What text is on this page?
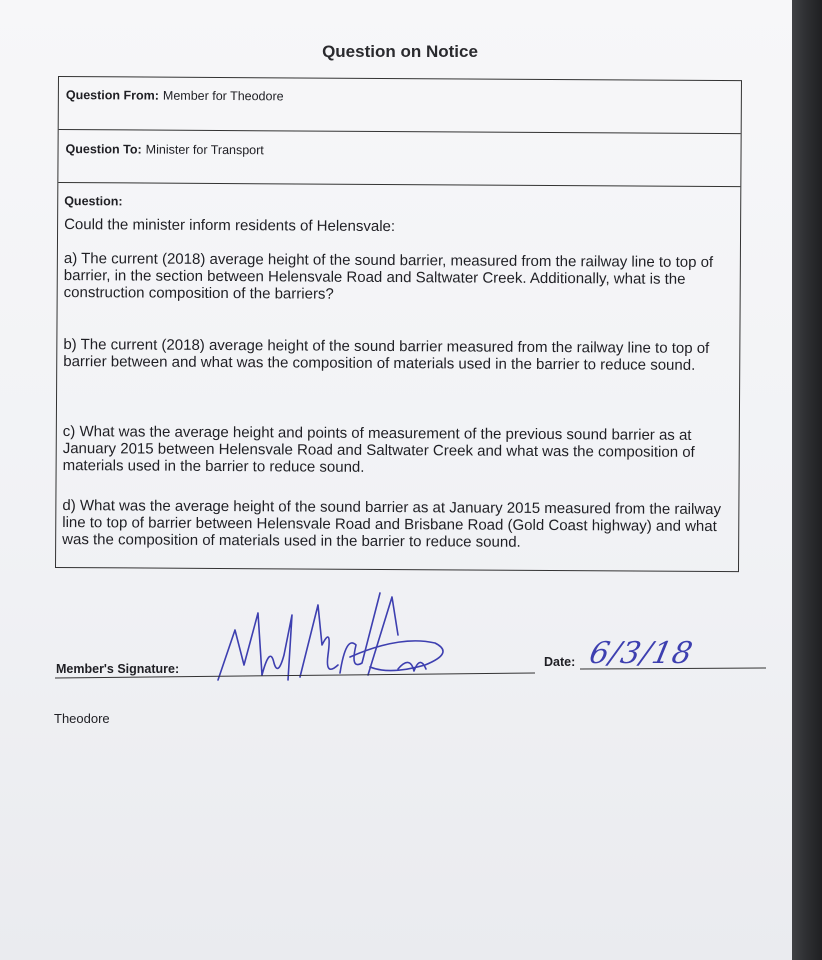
Question on Notice
Question From: Member for Theodore
Question To: Minister for Transport
Question:
Could the minister inform residents of Helensvale:
a) The current (2018) average height of the sound barrier, measured from the railway line to top of barrier, in the section between Helensvale Road and Saltwater Creek. Additionally, what is the construction composition of the barriers?
b) The current (2018) average height of the sound barrier measured from the railway line to top of barrier between and what was the composition of materials used in the barrier to reduce sound.
c) What was the average height and points of measurement of the previous sound barrier as at January 2015 between Helensvale Road and Saltwater Creek and what was the composition of materials used in the barrier to reduce sound.
d) What was the average height of the sound barrier as at January 2015 measured from the railway line to top of barrier between Helensvale Road and Brisbane Road (Gold Coast highway) and what was the composition of materials used in the barrier to reduce sound.
Member's Signature:	Date: 6/3/18
Theodore
